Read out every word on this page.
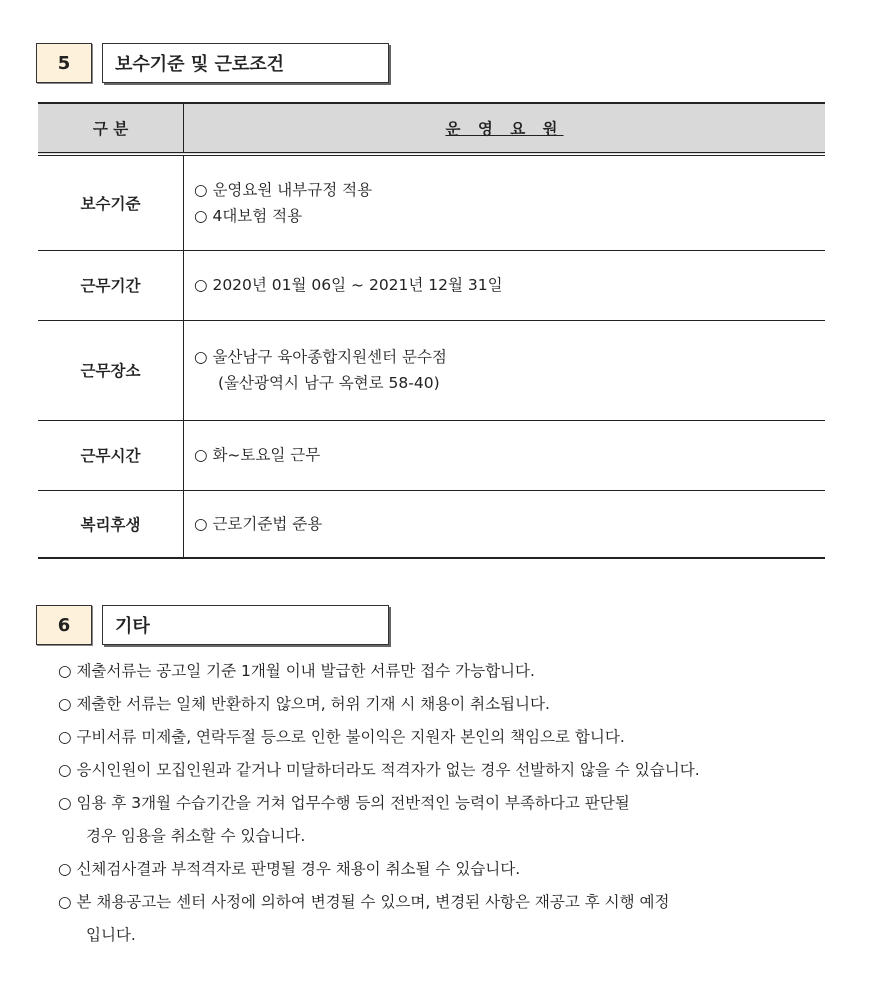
5	보수기준 및 근로조건
구 분	운 영 요 원
보수기준	○ 운영요원 내부규정 적용
○ 4대보험 적용

근무기간	○ 2020년 01월 06일 ~ 2021년 12월 31일

근무장소	○ 울산남구 육아종합지원센터 문수점
(울산광역시 남구 옥현로 58-40)

근무시간	○ 화~토요일 근무

복리후생	○ 근로기준법 준용
6	기타
○ 제출서류는 공고일 기준 1개월 이내 발급한 서류만 접수 가능합니다.
○ 제출한 서류는 일체 반환하지 않으며, 허위 기재 시 채용이 취소됩니다.
○ 구비서류 미제출, 연락두절 등으로 인한 불이익은 지원자 본인의 책임으로 합니다.
○ 응시인원이 모집인원과 같거나 미달하더라도 적격자가 없는 경우 선발하지 않을 수 있습니다.
○ 임용 후 3개월 수습기간을 거쳐 업무수행 등의 전반적인 능력이 부족하다고 판단될
경우 임용을 취소할 수 있습니다.
○ 신체검사결과 부적격자로 판명될 경우 채용이 취소될 수 있습니다.
○ 본 채용공고는 센터 사정에 의하여 변경될 수 있으며, 변경된 사항은 재공고 후 시행 예정
입니다.
